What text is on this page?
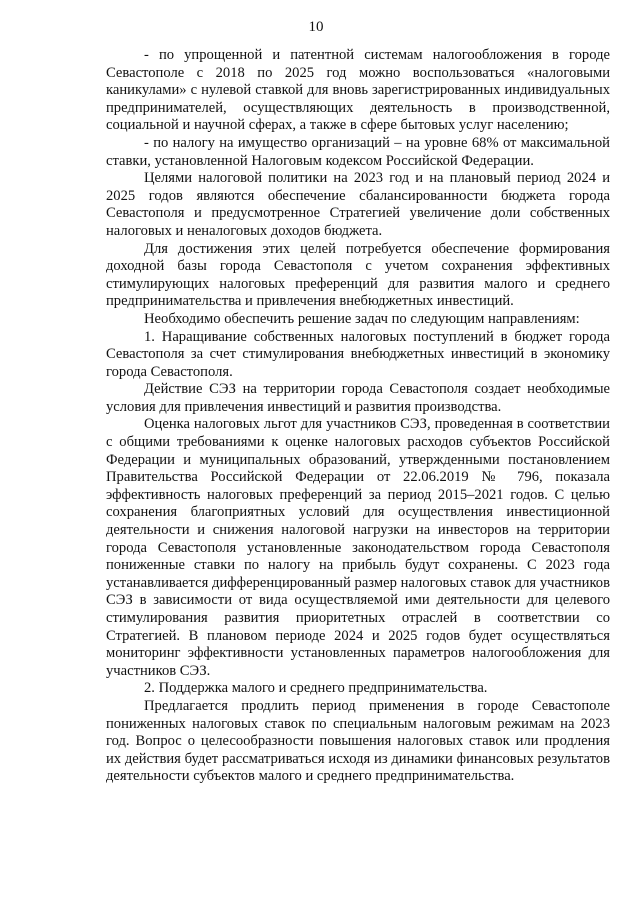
10

- по упрощенной и патентной системам налогообложения в городе Севастополе с 2018 по 2025 год можно воспользоваться «налоговыми каникулами» с нулевой ставкой для вновь зарегистрированных индивидуальных предпринимателей, осуществляющих деятельность в производственной, социальной и научной сферах, а также в сфере бытовых услуг населению;

- по налогу на имущество организаций – на уровне 68% от максимальной ставки, установленной Налоговым кодексом Российской Федерации.

Целями налоговой политики на 2023 год и на плановый период 2024 и 2025 годов являются обеспечение сбалансированности бюджета города Севастополя и предусмотренное Стратегией увеличение доли собственных налоговых и неналоговых доходов бюджета.

Для достижения этих целей потребуется обеспечение формирования доходной базы города Севастополя с учетом сохранения эффективных стимулирующих налоговых преференций для развития малого и среднего предпринимательства и привлечения внебюджетных инвестиций.

Необходимо обеспечить решение задач по следующим направлениям:

1. Наращивание собственных налоговых поступлений в бюджет города Севастополя за счет стимулирования внебюджетных инвестиций в экономику города Севастополя.

Действие СЭЗ на территории города Севастополя создает необходимые условия для привлечения инвестиций и развития производства.

Оценка налоговых льгот для участников СЭЗ, проведенная в соответствии с общими требованиями к оценке налоговых расходов субъектов Российской Федерации и муниципальных образований, утвержденными постановлением Правительства Российской Федерации от 22.06.2019 № 796, показала эффективность налоговых преференций за период 2015–2021 годов. С целью сохранения благоприятных условий для осуществления инвестиционной деятельности и снижения налоговой нагрузки на инвесторов на территории города Севастополя установленные законодательством города Севастополя пониженные ставки по налогу на прибыль будут сохранены. С 2023 года устанавливается дифференцированный размер налоговых ставок для участников СЭЗ в зависимости от вида осуществляемой ими деятельности для целевого стимулирования развития приоритетных отраслей в соответствии со Стратегией. В плановом периоде 2024 и 2025 годов будет осуществляться мониторинг эффективности установленных параметров налогообложения для участников СЭЗ.

2. Поддержка малого и среднего предпринимательства.

Предлагается продлить период применения в городе Севастополе пониженных налоговых ставок по специальным налоговым режимам на 2023 год. Вопрос о целесообразности повышения налоговых ставок или продления их действия будет рассматриваться исходя из динамики финансовых результатов деятельности субъектов малого и среднего предпринимательства.
